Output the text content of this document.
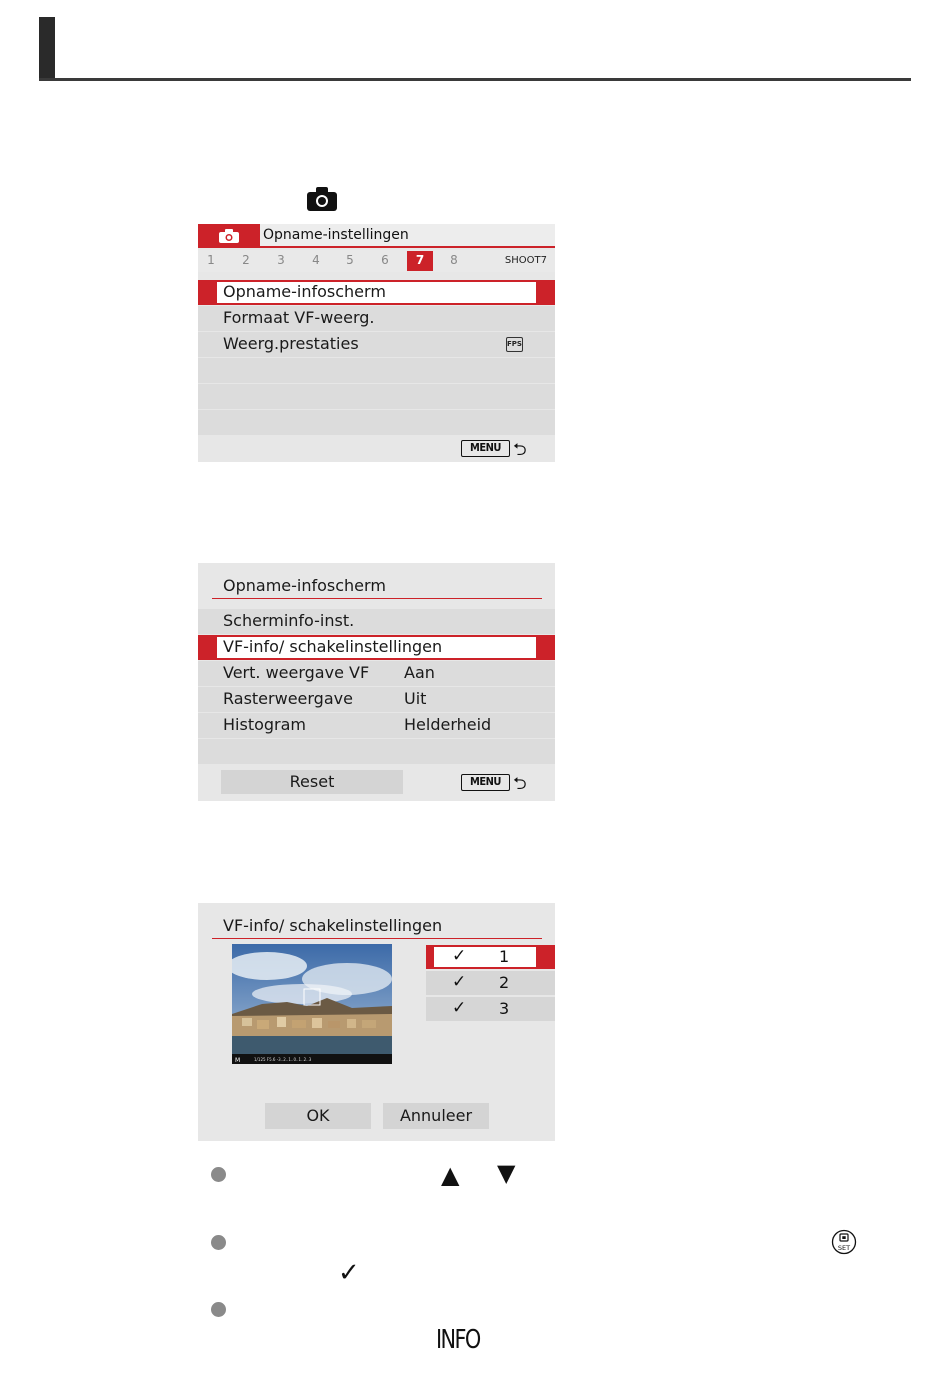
Opname-instellingen
1	2	3	4	5	6	7	8	SHOOT7
Opname-infoscherm
Formaat VF-weerg.
Weerg.prestaties	FPS
MENU ⮌
Opname-infoscherm
Scherminfo-inst.
VF-info/ schakelinstellingen
Vert. weergave VF Aan
Rasterweergave	Uit
Histogram	Helderheid
Reset	MENU ⮌
VF-info/ schakelinstellingen
M	1/125 F5.6 -3..2..1..0..1..2..3
✓ 1
✓ 2
✓ 3
OK	Annuleer
▲ ▼
SET
✓
INFO
